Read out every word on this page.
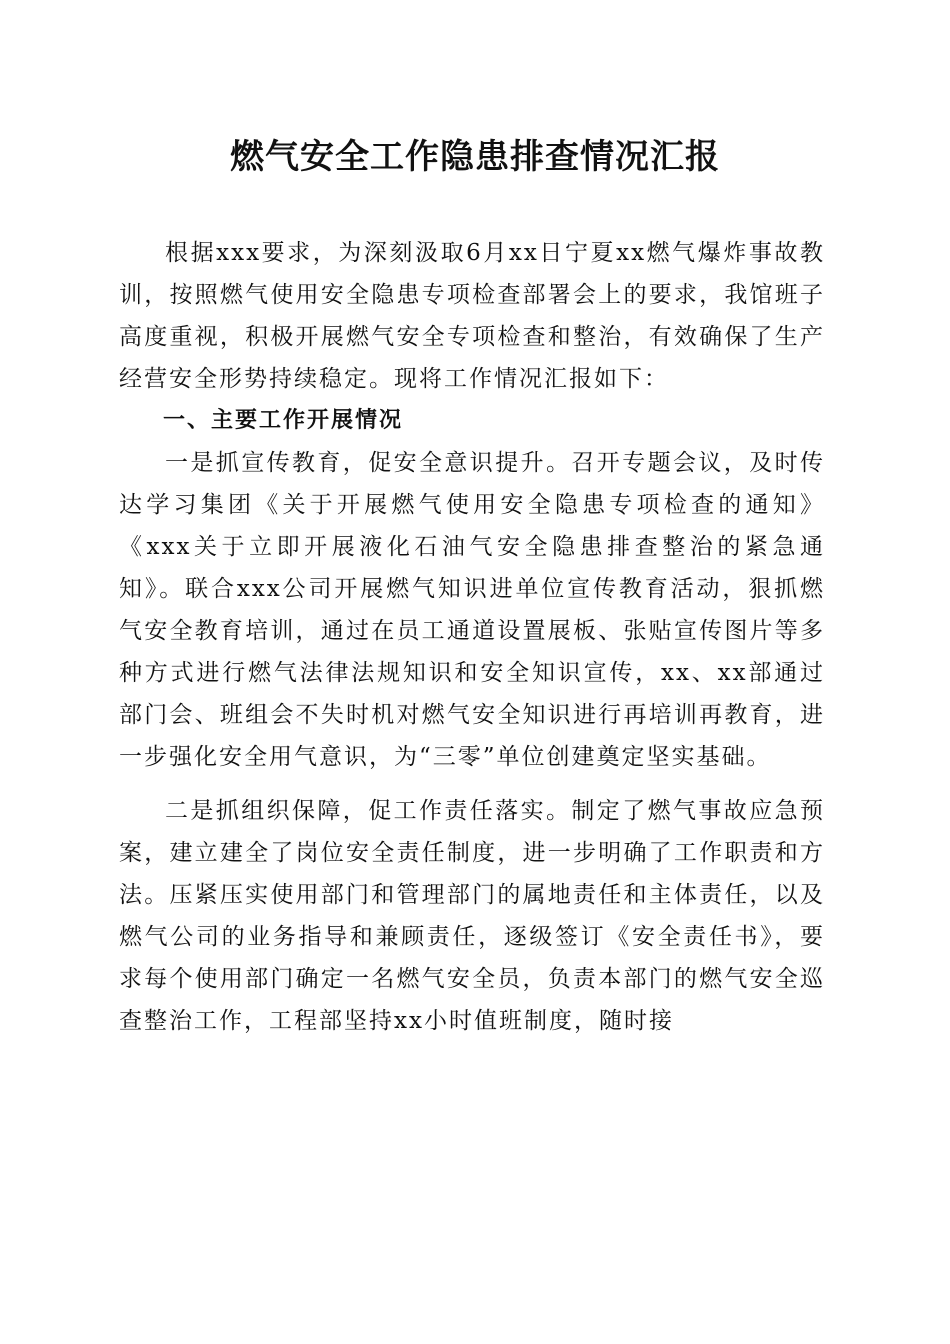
燃气安全工作隐患排查情况汇报

根据xxx要求，为深刻汲取6月xx日宁夏xx燃气爆炸事故教训，按照燃气使用安全隐患专项检查部署会上的要求，我馆班子高度重视，积极开展燃气安全专项检查和整治，有效确保了生产经营安全形势持续稳定。现将工作情况汇报如下：

一、主要工作开展情况

一是抓宣传教育，促安全意识提升。召开专题会议，及时传达学习集团《关于开展燃气使用安全隐患专项检查的通知》《xxx关于立即开展液化石油气安全隐患排查整治的紧急通知》。联合xxx公司开展燃气知识进单位宣传教育活动，狠抓燃气安全教育培训，通过在员工通道设置展板、张贴宣传图片等多种方式进行燃气法律法规知识和安全知识宣传，xx、xx部通过部门会、班组会不失时机对燃气安全知识进行再培训再教育，进一步强化安全用气意识，为“三零”单位创建奠定坚实基础。

二是抓组织保障，促工作责任落实。制定了燃气事故应急预案，建立建全了岗位安全责任制度，进一步明确了工作职责和方法。压紧压实使用部门和管理部门的属地责任和主体责任，以及燃气公司的业务指导和兼顾责任，逐级签订《安全责任书》，要求每个使用部门确定一名燃气安全员，负责本部门的燃气安全巡查整治工作，工程部坚持xx小时值班制度，随时接
